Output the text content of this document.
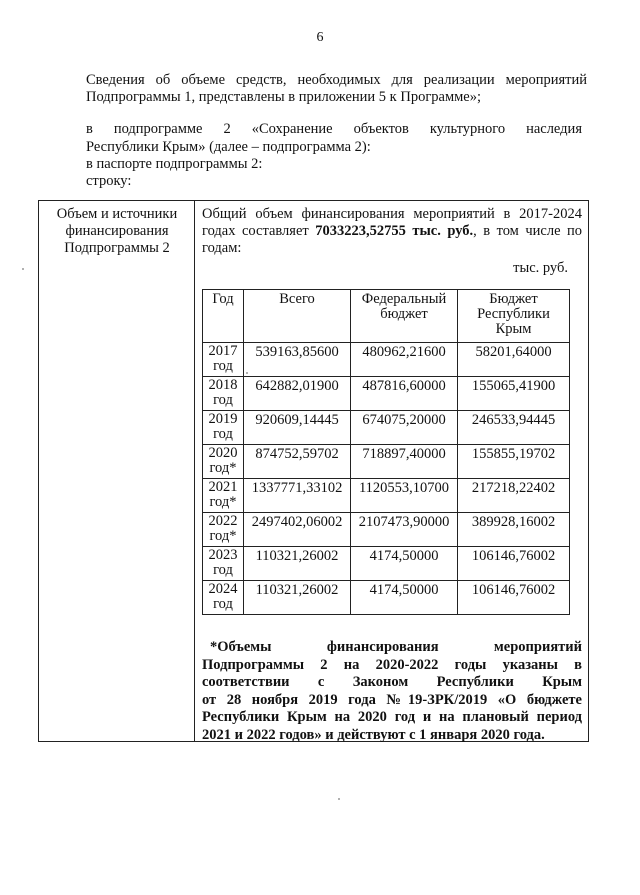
6
Сведения об объеме средств, необходимых для реализации мероприятий
Подпрограммы 1, представлены в приложении 5 к Программе»;
в подпрограмме 2 «Сохранение объектов культурного наследия
Республики Крым» (далее – подпрограмма 2):
в паспорте подпрограммы 2:
строку:
Объем и источники
финансирования
Подпрограммы 2
Общий объем финансирования мероприятий в 2017-2024 годах составляет 7033223,52755 тыс. руб., в том числе по годам:
тыс. руб.
Год	Всего	Федеральный бюджет	Бюджет Республики Крым
2017 год	539163,85600	480962,21600	58201,64000
2018 год	642882,01900	487816,60000	155065,41900
2019 год	920609,14445	674075,20000	246533,94445
2020 год*	874752,59702	718897,40000	155855,19702
2021 год*	1337771,33102	1120553,10700	217218,22402
2022 год*	2497402,06002	2107473,90000	389928,16002
2023 год	110321,26002	4174,50000	106146,76002
2024 год	110321,26002	4174,50000	106146,76002
*Объемы финансирования мероприятий
Подпрограммы 2 на 2020-2022 годы указаны в
соответствии с Законом Республики Крым
от 28 ноября 2019 года №19-ЗРК/2019 «О бюджете
Республики Крым на 2020 год и на плановый период
2021 и 2022 годов» и действуют с 1 января 2020 года.
